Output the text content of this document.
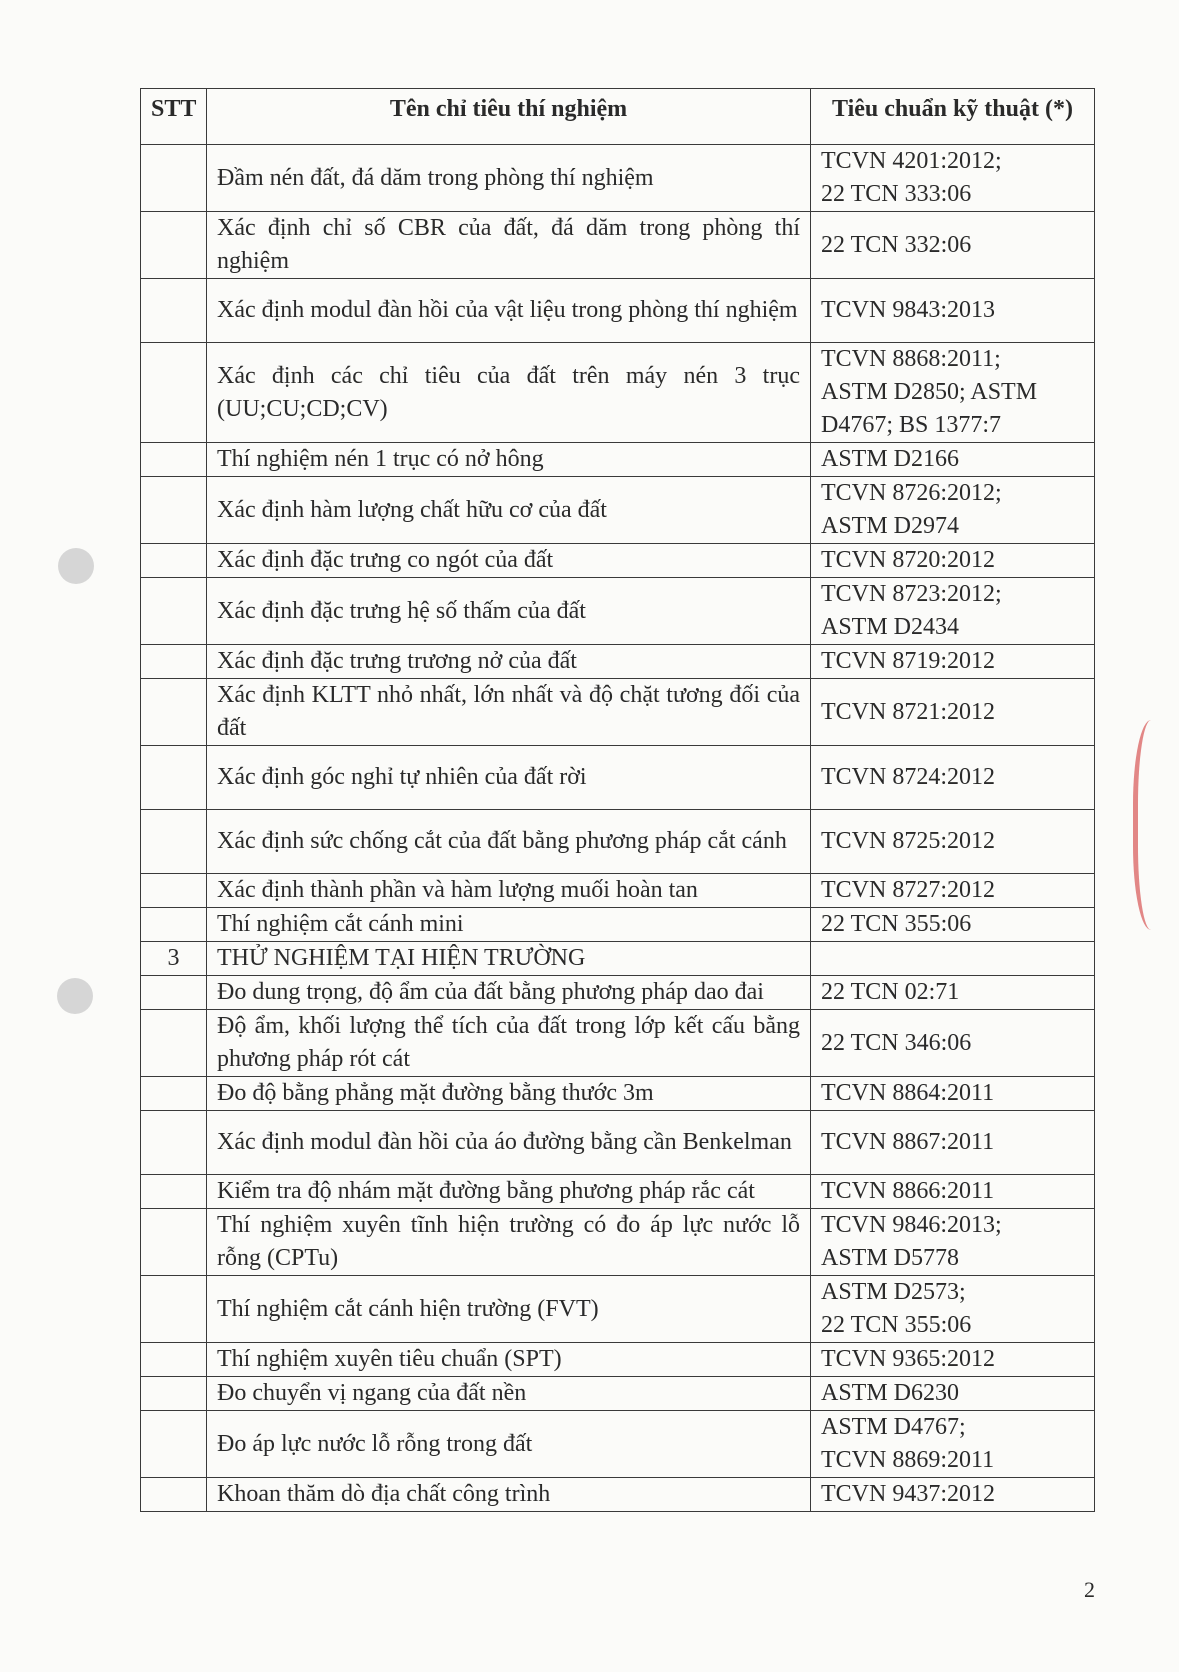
STT	Tên chỉ tiêu thí nghiệm	Tiêu chuẩn kỹ thuật (*)
	Đầm nén đất, đá dăm trong phòng thí nghiệm	TCVN 4201:2012;
22 TCN 333:06

	Xác định chỉ số CBR của đất, đá dăm trong phòng thí nghiệm	22 TCN 332:06

	Xác định modul đàn hồi của vật liệu trong phòng thí nghiệm	TCVN 9843:2013

	Xác định các chỉ tiêu của đất trên máy nén 3 trục (UU;CU;CD;CV)	TCVN 8868:2011;
ASTM D2850; ASTM
D4767; BS 1377:7

	Thí nghiệm nén 1 trục có nở hông	ASTM D2166

	Xác định hàm lượng chất hữu cơ của đất	TCVN 8726:2012;
ASTM D2974

	Xác định đặc trưng co ngót của đất	TCVN 8720:2012

	Xác định đặc trưng hệ số thấm của đất	TCVN 8723:2012;
ASTM D2434

	Xác định đặc trưng trương nở của đất	TCVN 8719:2012

	Xác định KLTT nhỏ nhất, lớn nhất và độ chặt tương đối của đất	TCVN 8721:2012

	Xác định góc nghỉ tự nhiên của đất rời	TCVN 8724:2012

	Xác định sức chống cắt của đất bằng phương pháp cắt cánh	TCVN 8725:2012

	Xác định thành phần và hàm lượng muối hoàn tan	TCVN 8727:2012

	Thí nghiệm cắt cánh mini	22 TCN 355:06

3	THỬ NGHIỆM TẠI HIỆN TRƯỜNG	
	Đo dung trọng, độ ẩm của đất bằng phương pháp dao đai	22 TCN 02:71

	Độ ẩm, khối lượng thể tích của đất trong lớp kết cấu bằng phương pháp rót cát	22 TCN 346:06

	Đo độ bằng phẳng mặt đường bằng thước 3m	TCVN 8864:2011

	Xác định modul đàn hồi của áo đường bằng cần Benkelman	TCVN 8867:2011

	Kiểm tra độ nhám mặt đường bằng phương pháp rắc cát	TCVN 8866:2011

	Thí nghiệm xuyên tĩnh hiện trường có đo áp lực nước lỗ rỗng (CPTu)	TCVN 9846:2013;
ASTM D5778

	Thí nghiệm cắt cánh hiện trường (FVT)	ASTM D2573;
22 TCN 355:06

	Thí nghiệm xuyên tiêu chuẩn (SPT)	TCVN 9365:2012

	Đo chuyển vị ngang của đất nền	ASTM D6230

	Đo áp lực nước lỗ rỗng trong đất	ASTM D4767;
TCVN 8869:2011

	Khoan thăm dò địa chất công trình	TCVN 9437:2012
2
